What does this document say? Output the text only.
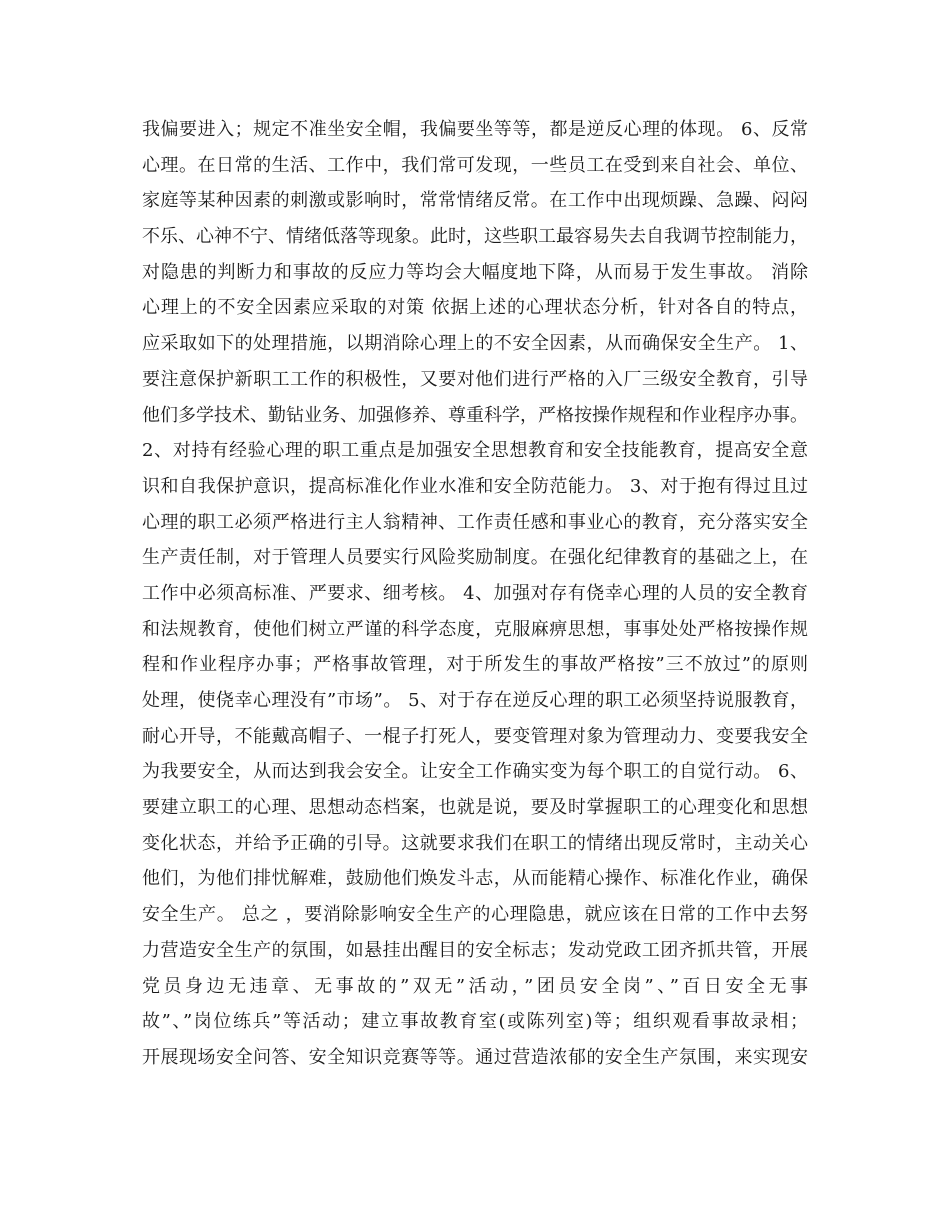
我偏要进入；规定不准坐安全帽，我偏要坐等等，都是逆反心理的体现。 6、反常
心理。在日常的生活、工作中，我们常可发现，一些员工在受到来自社会、单位、
家庭等某种因素的刺激或影响时，常常情绪反常。在工作中出现烦躁、急躁、闷闷
不乐、心神不宁、情绪低落等现象。此时，这些职工最容易失去自我调节控制能力，
对隐患的判断力和事故的反应力等均会大幅度地下降，从而易于发生事故。 消除
心理上的不安全因素应采取的对策 依据上述的心理状态分析，针对各自的特点，
应采取如下的处理措施，以期消除心理上的不安全因素，从而确保安全生产。 1、
要注意保护新职工工作的积极性，又要对他们进行严格的入厂三级安全教育，引导
他们多学技术、勤钻业务、加强修养、尊重科学，严格按操作规程和作业程序办事。
2、对持有经验心理的职工重点是加强安全思想教育和安全技能教育，提高安全意
识和自我保护意识，提高标准化作业水准和安全防范能力。 3、对于抱有得过且过
心理的职工必须严格进行主人翁精神、工作责任感和事业心的教育，充分落实安全
生产责任制，对于管理人员要实行风险奖励制度。在强化纪律教育的基础之上，在
工作中必须高标准、严要求、细考核。 4、加强对存有侥幸心理的人员的安全教育
和法规教育，使他们树立严谨的科学态度，克服麻痹思想，事事处处严格按操作规
程和作业程序办事；严格事故管理，对于所发生的事故严格按”三不放过”的原则
处理，使侥幸心理没有”市场”。 5、对于存在逆反心理的职工必须坚持说服教育，
耐心开导，不能戴高帽子、一棍子打死人，要变管理对象为管理动力、变要我安全
为我要安全，从而达到我会安全。让安全工作确实变为每个职工的自觉行动。 6、
要建立职工的心理、思想动态档案，也就是说，要及时掌握职工的心理变化和思想
变化状态，并给予正确的引导。这就要求我们在职工的情绪出现反常时，主动关心
他们，为他们排忧解难，鼓励他们焕发斗志，从而能精心操作、标准化作业，确保
安全生产。 总之 ，要消除影响安全生产的心理隐患，就应该在日常的工作中去努
力营造安全生产的氛围，如悬挂出醒目的安全标志；发动党政工团齐抓共管，开展
党员身边无违章、无事故的”双无”活动，”团员安全岗”、”百日安全无事
故”、”岗位练兵”等活动；建立事故教育室(或陈列室)等；组织观看事故录相；
开展现场安全问答、安全知识竞赛等等。通过营造浓郁的安全生产氛围，来实现安
